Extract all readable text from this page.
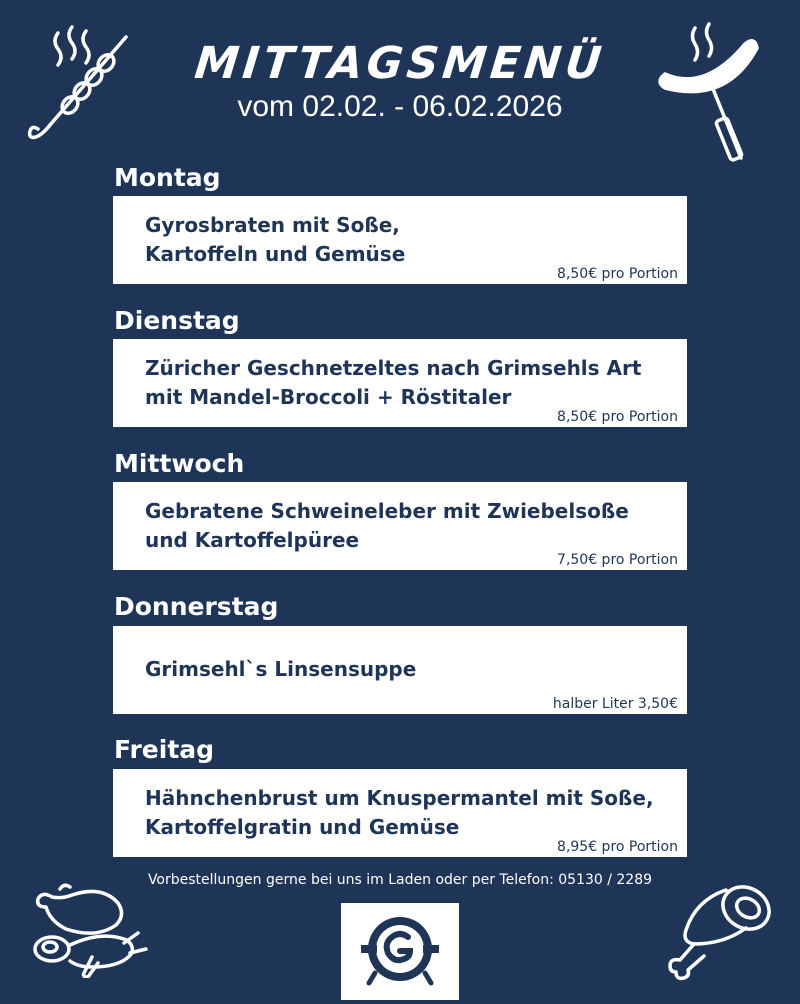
MITTAGSMENÜ
vom 02.02. - 06.02.2026
Montag
Gyrosbraten mit Soße,
Kartoffeln und Gemüse
8,50€ pro Portion
Dienstag
Züricher Geschnetzeltes nach Grimsehls Art
mit Mandel-Broccoli + Röstitaler
8,50€ pro Portion
Mittwoch
Gebratene Schweineleber mit Zwiebelsoße
und Kartoffelpüree
7,50€ pro Portion
Donnerstag
Grimsehl`s Linsensuppe
halber Liter 3,50€
Freitag
Hähnchenbrust um Knuspermantel mit Soße,
Kartoffelgratin und Gemüse
8,95€ pro Portion
Vorbestellungen gerne bei uns im Laden oder per Telefon: 05130 / 2289
